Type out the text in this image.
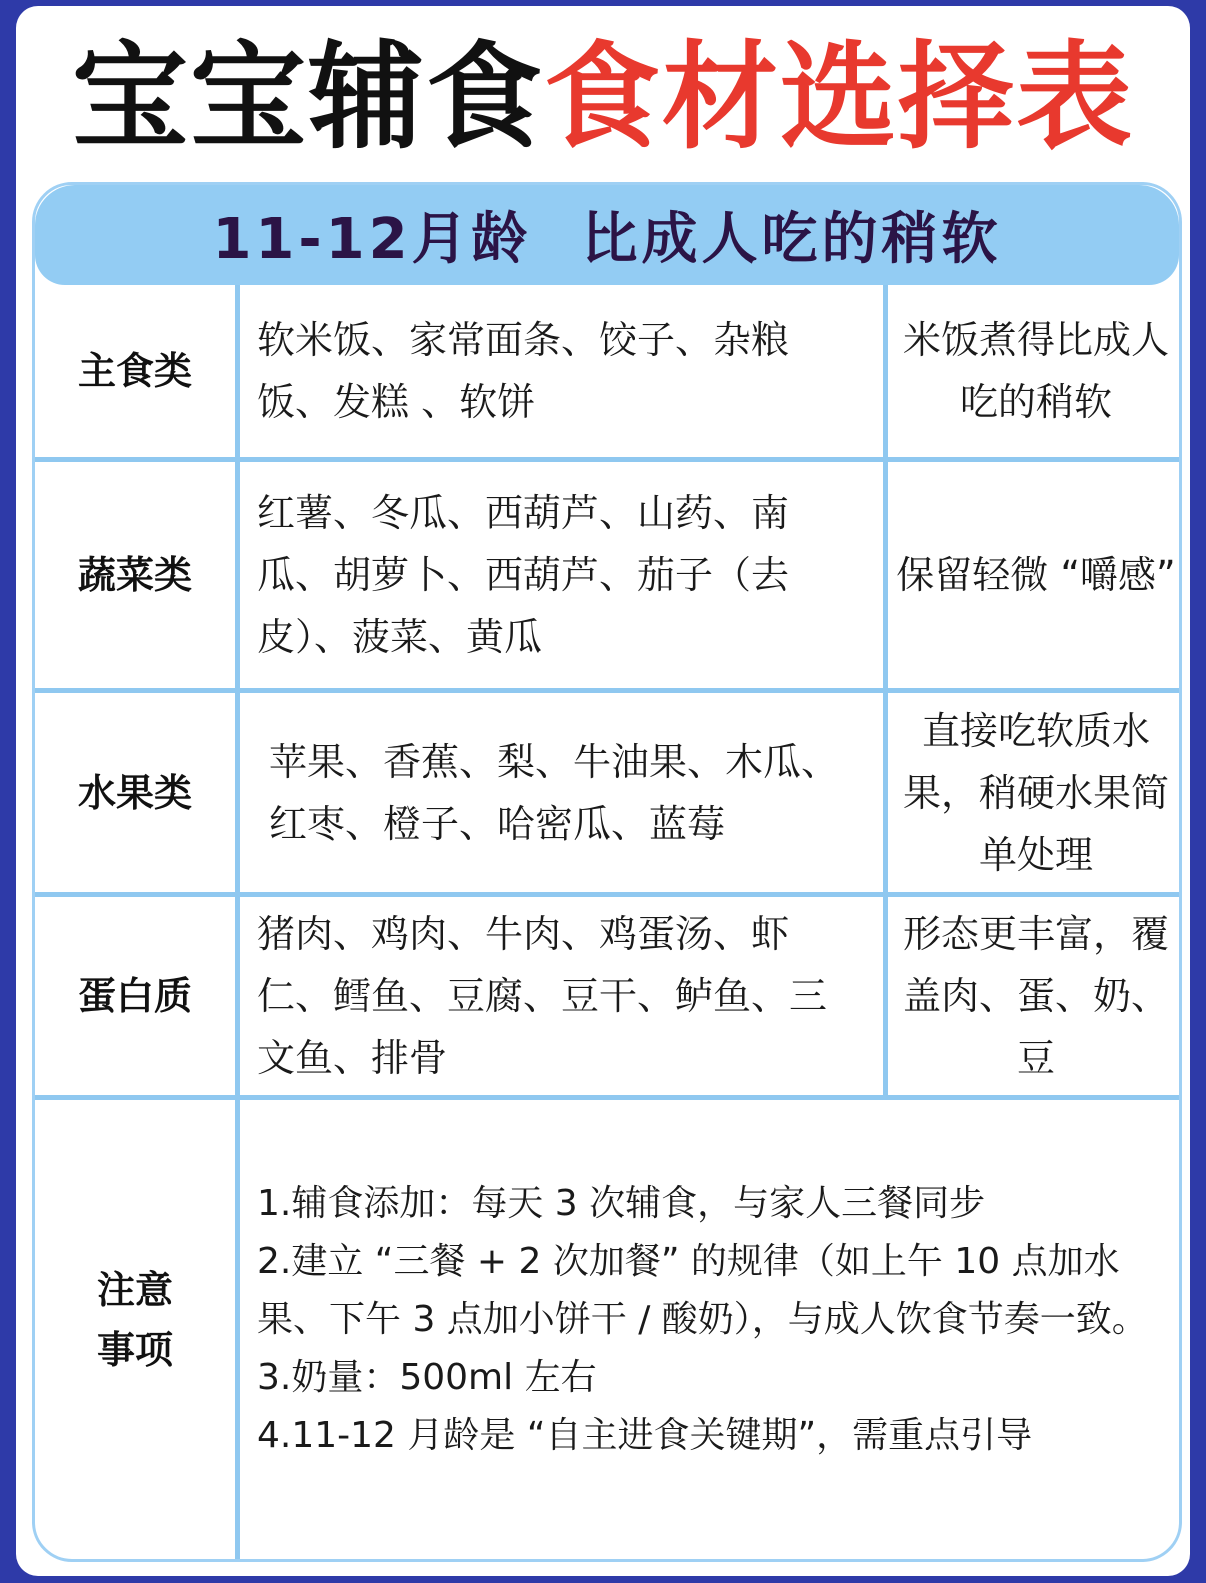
宝宝辅食食材选择表
11-12月龄 比成人吃的稍软
主食类
软米饭、家常面条、饺子、杂粮饭、发糕 、软饼
米饭煮得比成人吃的稍软
蔬菜类
红薯、冬瓜、西葫芦、山药、南瓜、胡萝卜、西葫芦、茄子（去皮）、菠菜、黄瓜
保留轻微 “嚼感”
水果类
苹果、香蕉、梨、牛油果、木瓜、红枣、橙子、哈密瓜、蓝莓
直接吃软质水果，稍硬水果简单处理
蛋白质
猪肉、鸡肉、牛肉、鸡蛋汤、虾仁、鳕鱼、豆腐、豆干、鲈鱼、三文鱼、排骨
形态更丰富，覆盖肉、蛋、奶、豆
注意事项
1.辅食添加：每天 3 次辅食，与家人三餐同步
2.建立 “三餐 + 2 次加餐” 的规律（如上午 10 点加水果、下午 3 点加小饼干 / 酸奶），与成人饮食节奏一致。
3.奶量：500ml 左右
4.11-12 月龄是 “自主进食关键期”，需重点引导
